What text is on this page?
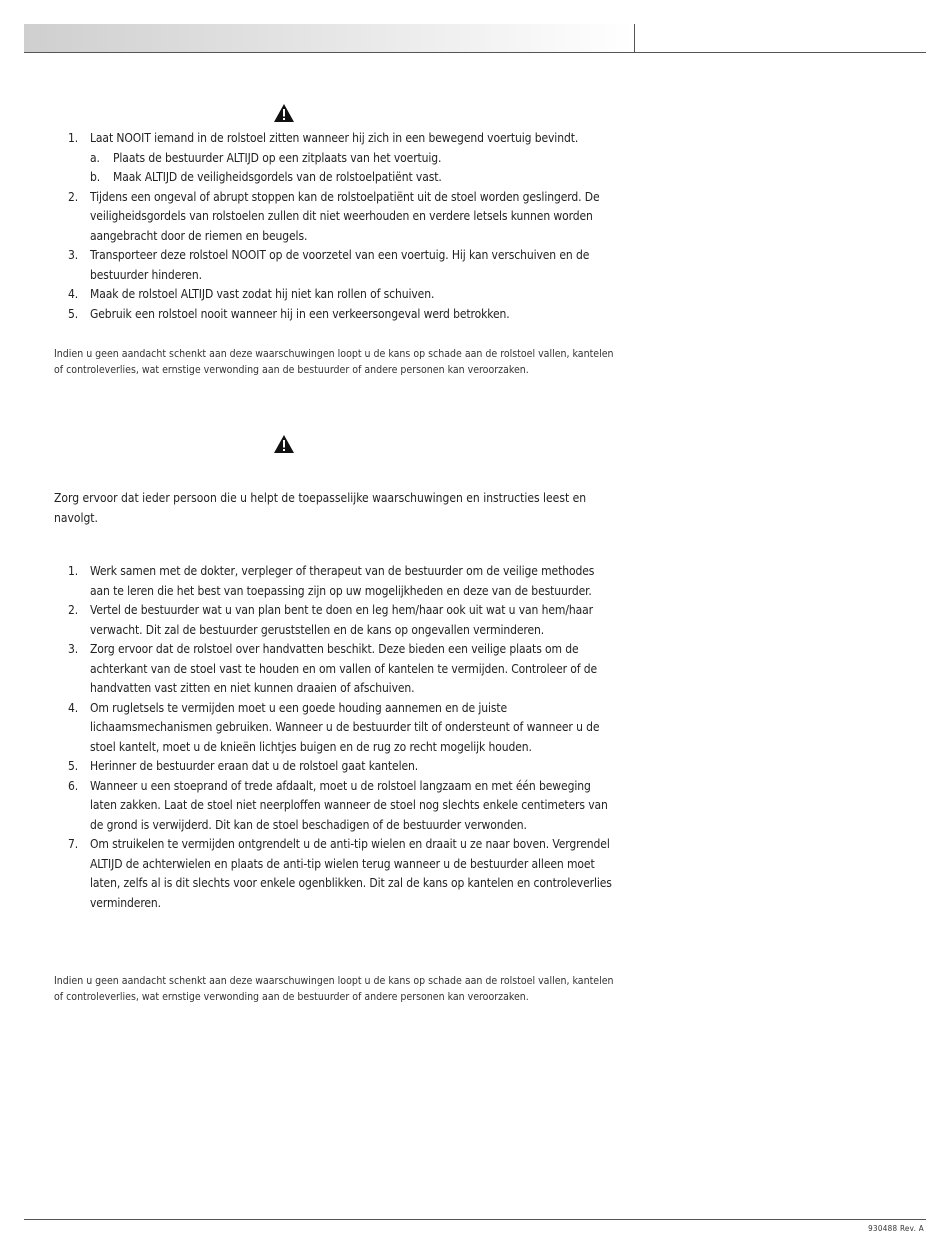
1. Laat NOOIT iemand in de rolstoel zitten wanneer hij zich in een bewegend voertuig bevindt.
a.	Plaats de bestuurder ALTIJD op een zitplaats van het voertuig.
b.	Maak ALTIJD de veiligheidsgordels van de rolstoelpatiënt vast.
2. Tijdens een ongeval of abrupt stoppen kan de rolstoelpatiënt uit de stoel worden geslingerd. De veiligheidsgordels van rolstoelen zullen dit niet weerhouden en verdere letsels kunnen worden aangebracht door de riemen en beugels.
3. Transporteer deze rolstoel NOOIT op de voorzetel van een voertuig. Hij kan verschuiven en de bestuurder hinderen.
4. Maak de rolstoel ALTIJD vast zodat hij niet kan rollen of schuiven.
5. Gebruik een rolstoel nooit wanneer hij in een verkeersongeval werd betrokken.

Indien u geen aandacht schenkt aan deze waarschuwingen loopt u de kans op schade aan de rolstoel vallen, kantelen of controleverlies, wat ernstige verwonding aan de bestuurder of andere personen kan veroorzaken.

Zorg ervoor dat ieder persoon die u helpt de toepasselijke waarschuwingen en instructies leest en navolgt.

1. Werk samen met de dokter, verpleger of therapeut van de bestuurder om de veilige methodes aan te leren die het best van toepassing zijn op uw mogelijkheden en deze van de bestuurder.
2. Vertel de bestuurder wat u van plan bent te doen en leg hem/haar ook uit wat u van hem/haar verwacht. Dit zal de bestuurder geruststellen en de kans op ongevallen verminderen.
3. Zorg ervoor dat de rolstoel over handvatten beschikt. Deze bieden een veilige plaats om de achterkant van de stoel vast te houden en om vallen of kantelen te vermijden. Controleer of de handvatten vast zitten en niet kunnen draaien of afschuiven.
4. Om rugletsels te vermijden moet u een goede houding aannemen en de juiste lichaamsmechanismen gebruiken. Wanneer u de bestuurder tilt of ondersteunt of wanneer u de stoel kantelt, moet u de knieën lichtjes buigen en de rug zo recht mogelijk houden.
5. Herinner de bestuurder eraan dat u de rolstoel gaat kantelen.
6. Wanneer u een stoeprand of trede afdaalt, moet u de rolstoel langzaam en met één beweging laten zakken. Laat de stoel niet neerploffen wanneer de stoel nog slechts enkele centimeters van de grond is verwijderd. Dit kan de stoel beschadigen of de bestuurder verwonden.
7. Om struikelen te vermijden ontgrendelt u de anti-tip wielen en draait u ze naar boven. Vergrendel ALTIJD de achterwielen en plaats de anti-tip wielen terug wanneer u de bestuurder alleen moet laten, zelfs al is dit slechts voor enkele ogenblikken. Dit zal de kans op kantelen en controleverlies verminderen.

Indien u geen aandacht schenkt aan deze waarschuwingen loopt u de kans op schade aan de rolstoel vallen, kantelen of controleverlies, wat ernstige verwonding aan de bestuurder of andere personen kan veroorzaken.

930488 Rev. A
